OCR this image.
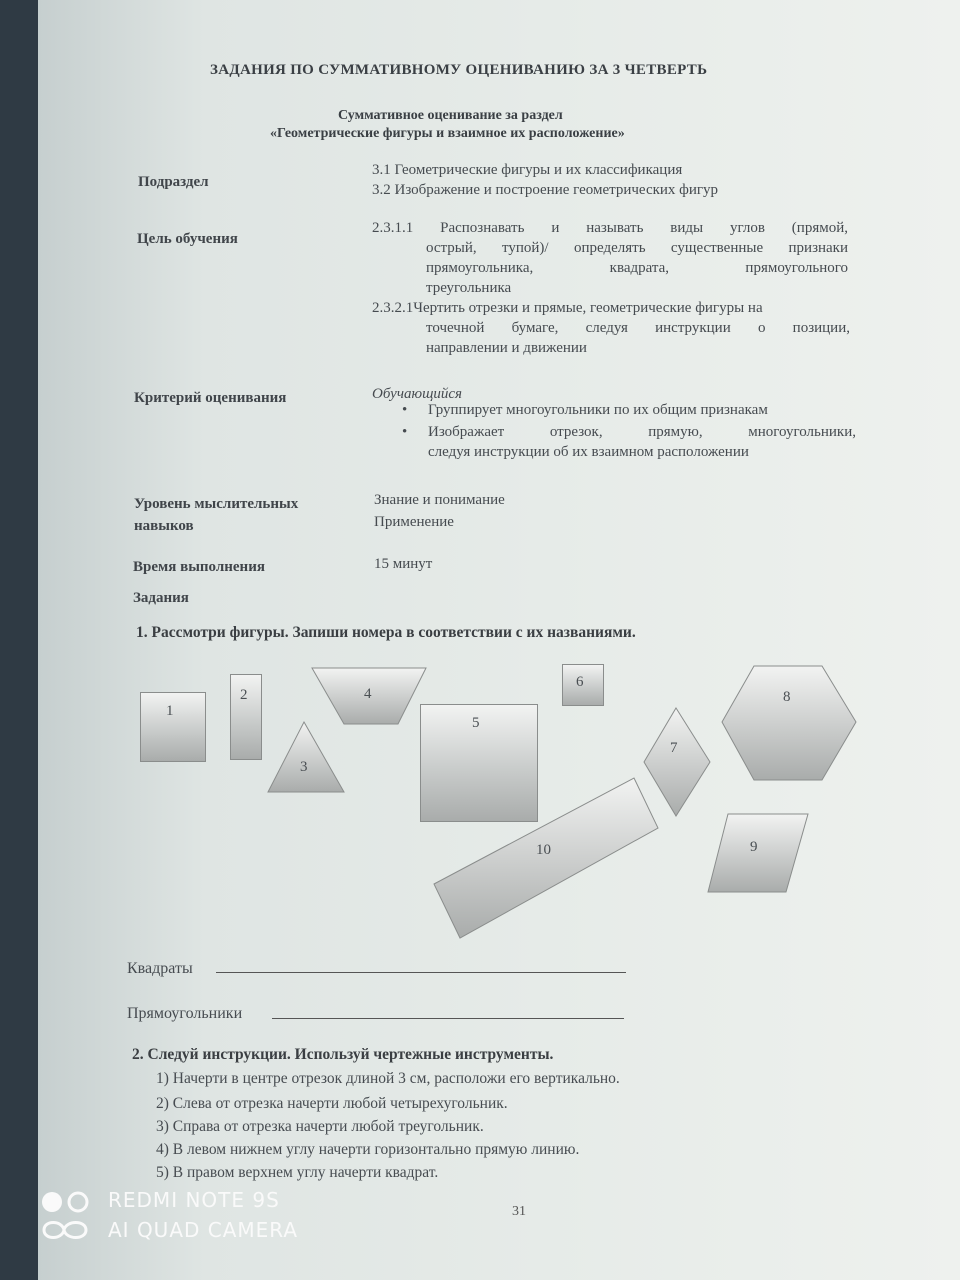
ЗАДАНИЯ ПО СУММАТИВНОМУ ОЦЕНИВАНИЮ ЗА 3 ЧЕТВЕРТЬ
Суммативное оценивание за раздел
«Геометрические фигуры и взаимное их расположение»
Подраздел
3.1 Геометрические фигуры и их классификация
3.2 Изображение и построение геометрических фигур
Цель обучения
2.3.1.1 Распознавать и называть виды углов (прямой,
острый, тупой)/ определять существенные признаки
прямоугольника, квадрата, прямоугольного
треугольника
2.3.2.1Чертить отрезки и прямые, геометрические фигуры на
точечной бумаге, следуя инструкции о позиции,
направлении и движении
Критерий оценивания	Обучающийся
• Группирует многоугольники по их общим признакам
• Изображает отрезок, прямую, многоугольники,
следуя инструкции об их взаимном расположении
Уровень мыслительных
навыков
Знание и понимание
Применение
Время выполнения	15 минут
Задания
1. Рассмотри фигуры. Запиши номера в соответствии с их названиями.
1
2
3
4
5
6
7
8
9
10
Квадраты
Прямоугольники
2. Следуй инструкции. Используй чертежные инструменты.
1) Начерти в центре отрезок длиной 3 см, расположи его вертикально.
2) Слева от отрезка начерти любой четырехугольник.
3) Справа от отрезка начерти любой треугольник.
4) В левом нижнем углу начерти горизонтально прямую линию.
5) В правом верхнем углу начерти квадрат.
31
REDMI NOTE 9S
AI QUAD CAMERA
